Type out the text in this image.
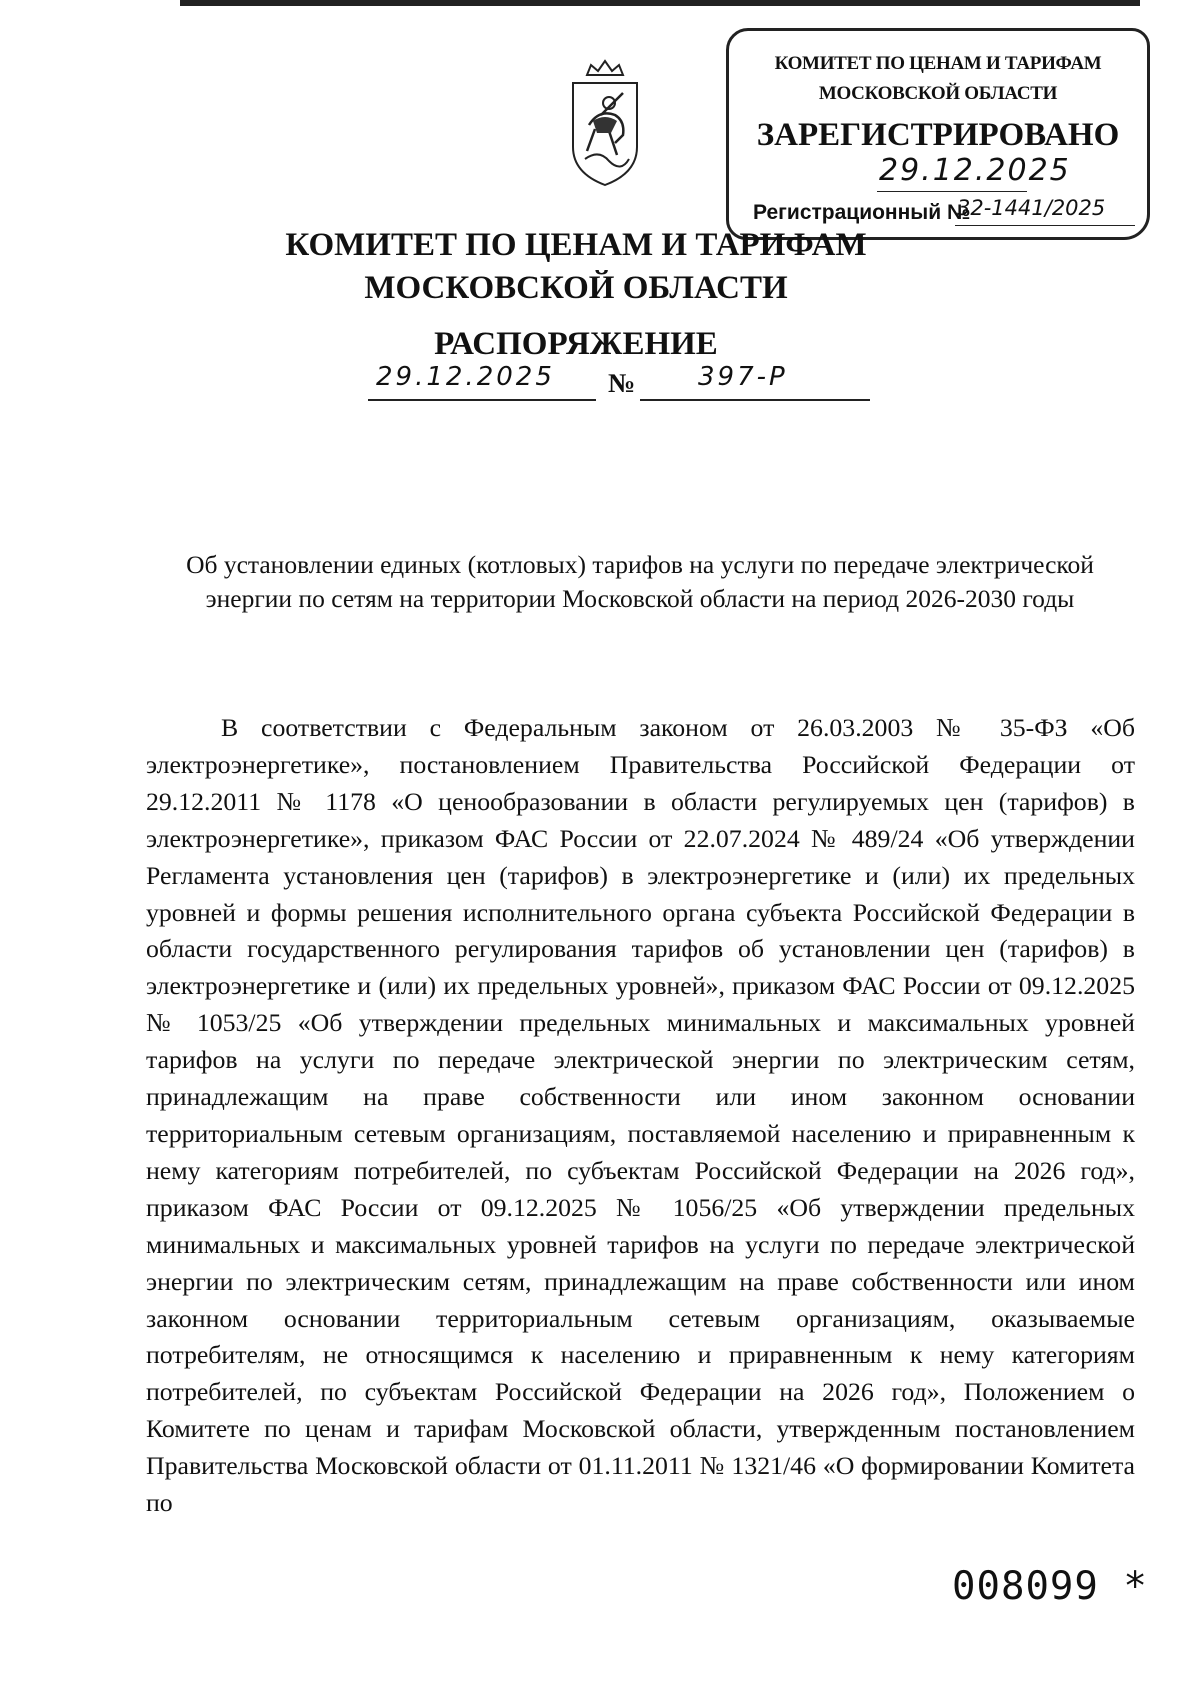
КОМИТЕТ ПО ЦЕНАМ И ТАРИФАМ
МОСКОВСКОЙ ОБЛАСТИ
ЗАРЕГИСТРИРОВАНО
29.12.2025
Регистрационный №
32-1441/2025
КОМИТЕТ ПО ЦЕНАМ И ТАРИФАМ
МОСКОВСКОЙ ОБЛАСТИ
РАСПОРЯЖЕНИЕ
29.12.2025 № 397-Р
Об установлении единых (котловых) тарифов на услуги по передаче электрической энергии по сетям на территории Московской области на период 2026-2030 годы

В соответствии с Федеральным законом от 26.03.2003 № 35-ФЗ «Об электроэнергетике», постановлением Правительства Российской Федерации от 29.12.2011 № 1178 «О ценообразовании в области регулируемых цен (тарифов) в электроэнергетике», приказом ФАС России от 22.07.2024 № 489/24 «Об утверждении Регламента установления цен (тарифов) в электроэнергетике и (или) их предельных уровней и формы решения исполнительного органа субъекта Российской Федерации в области государственного регулирования тарифов об установлении цен (тарифов) в электроэнергетике и (или) их предельных уровней», приказом ФАС России от 09.12.2025 № 1053/25 «Об утверждении предельных минимальных и максимальных уровней тарифов на услуги по передаче электрической энергии по электрическим сетям, принадлежащим на праве собственности или ином законном основании территориальным сетевым организациям, поставляемой населению и приравненным к нему категориям потребителей, по субъектам Российской Федерации на 2026 год», приказом ФАС России от 09.12.2025 № 1056/25 «Об утверждении предельных минимальных и максимальных уровней тарифов на услуги по передаче электрической энергии по электрическим сетям, принадлежащим на праве собственности или ином законном основании территориальным сетевым организациям, оказываемые потребителям, не относящимся к населению и приравненным к нему категориям потребителей, по субъектам Российской Федерации на 2026 год», Положением о Комитете по ценам и тарифам Московской области, утвержденным постановлением Правительства Московской области от 01.11.2011 № 1321/46 «О формировании Комитета по

008099 *
